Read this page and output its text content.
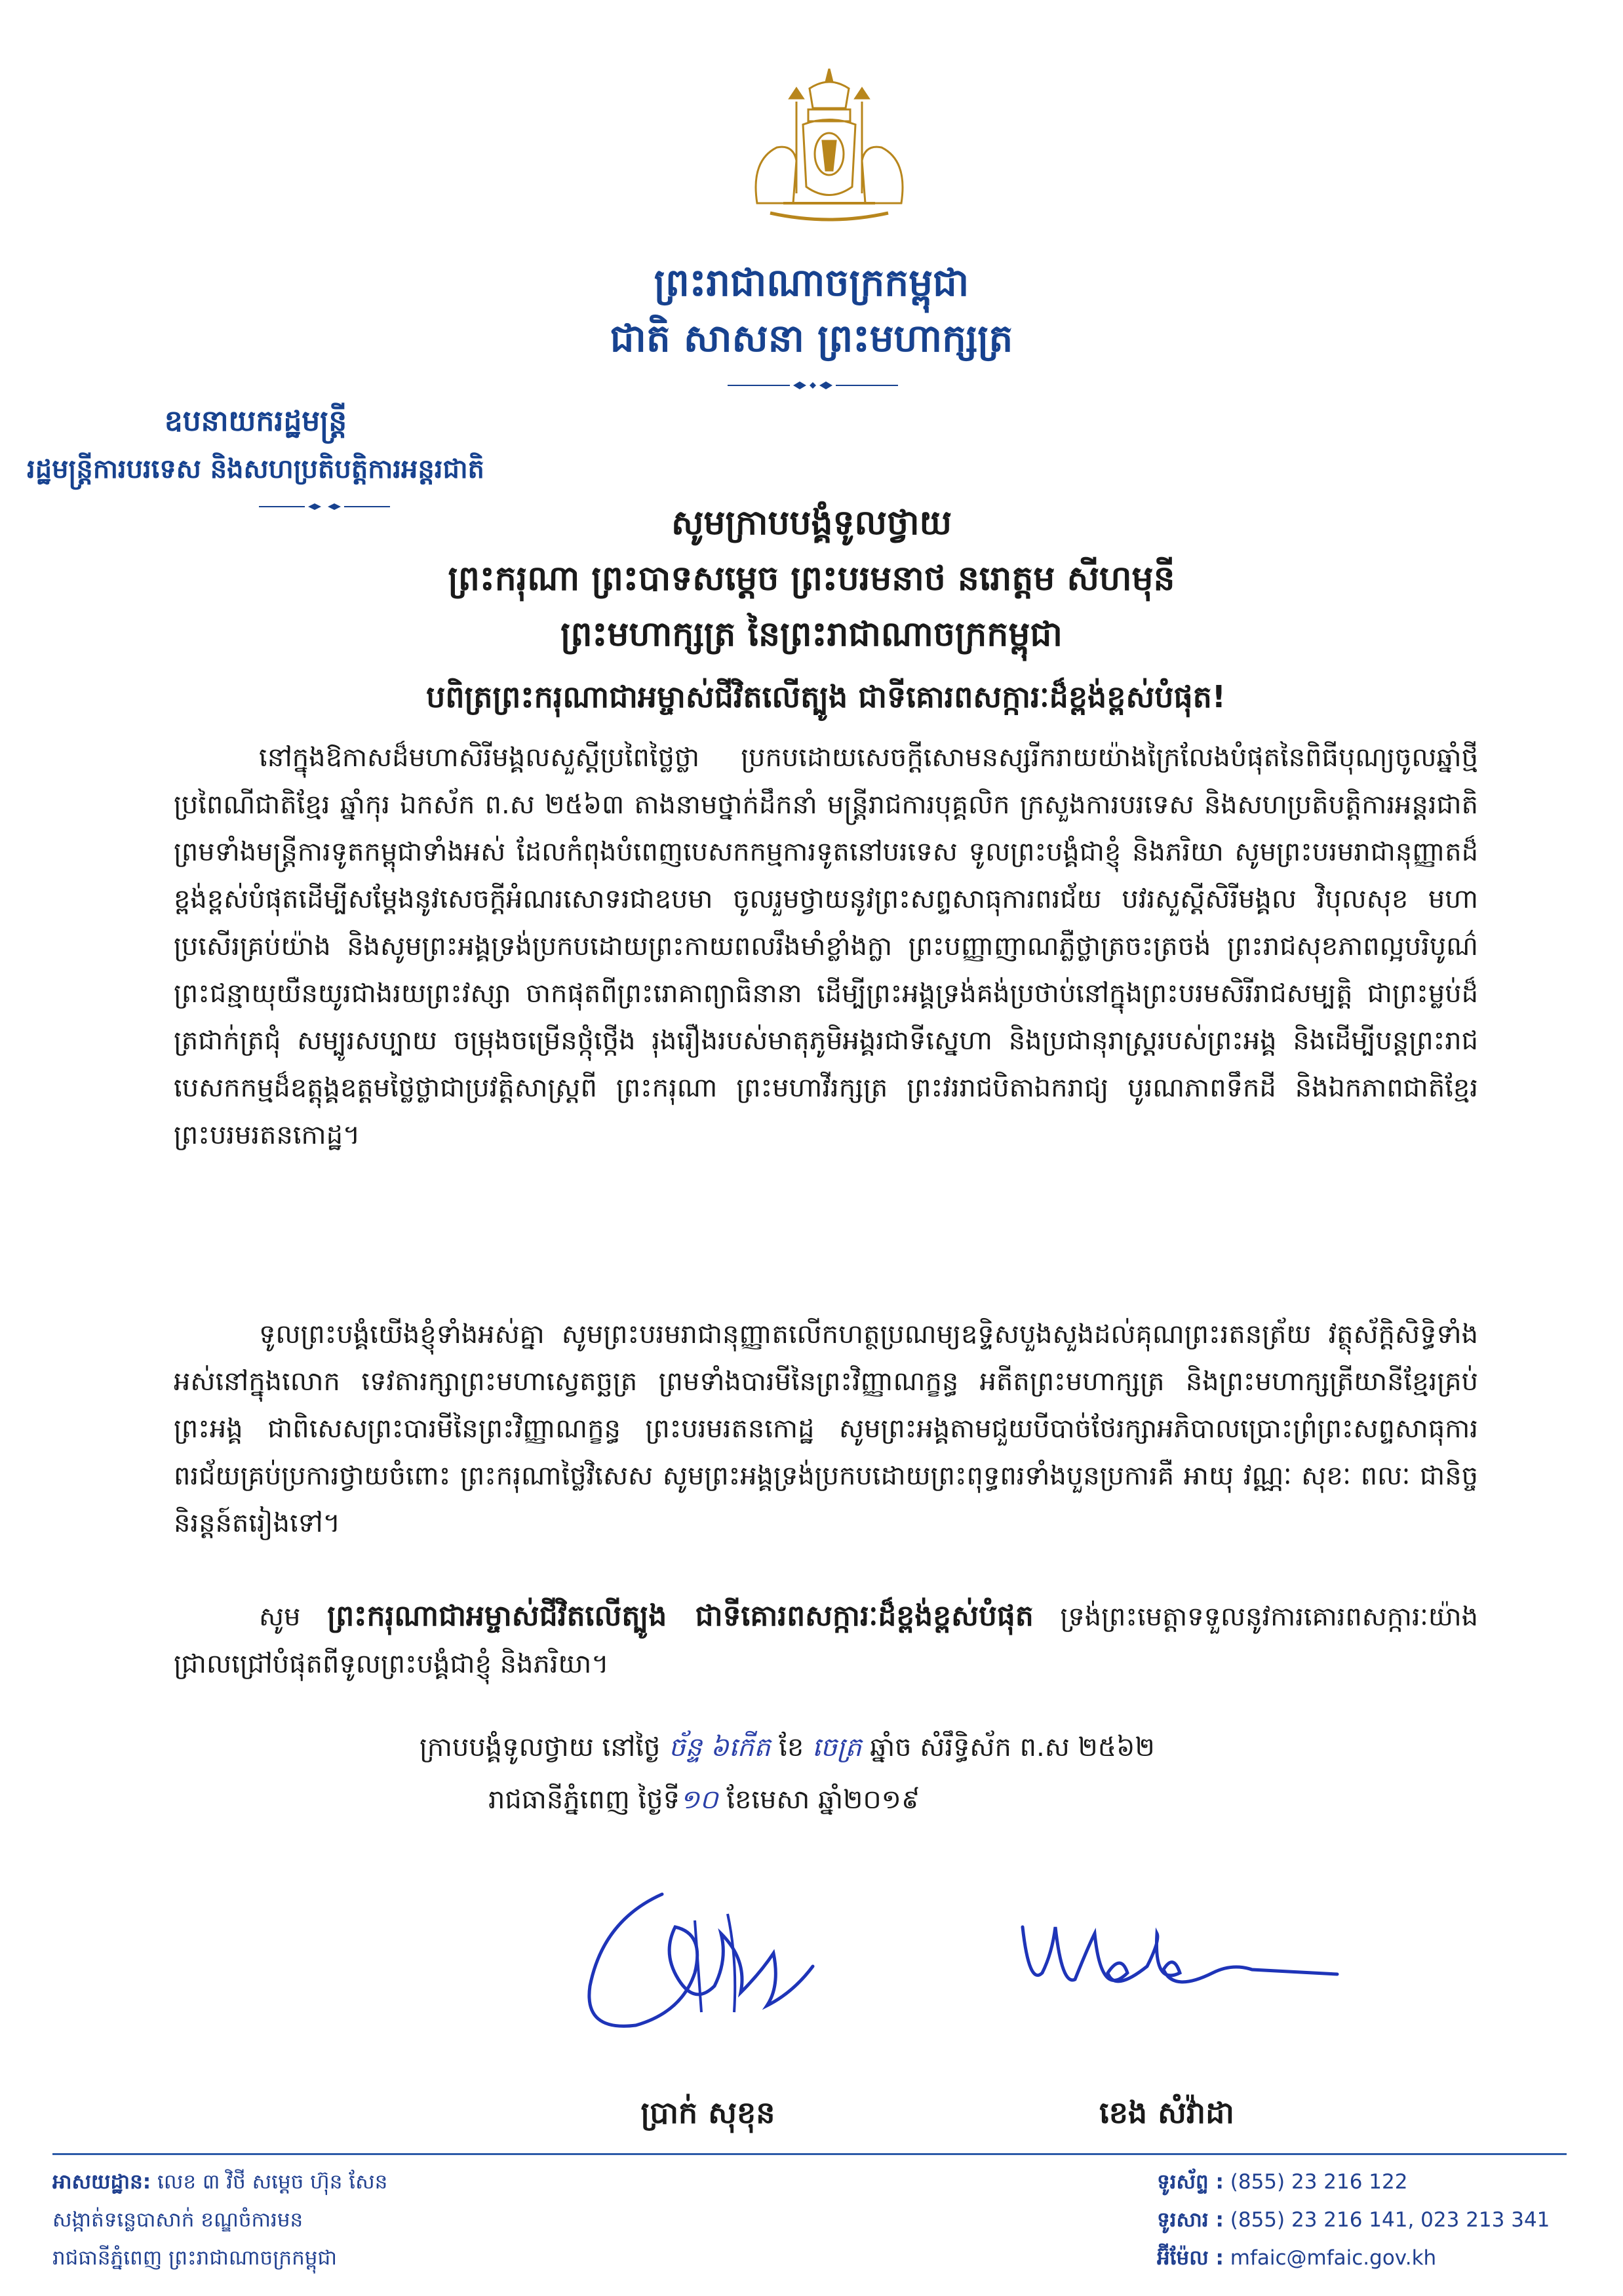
ព្រះរាជាណាចក្រកម្ពុជា
ជាតិ សាសនា ព្រះមហាក្សត្រ
ឧបនាយករដ្ឋមន្ត្រី
រដ្ឋមន្ត្រីការបរទេស និងសហប្រតិបត្តិការអន្តរជាតិ
សូមក្រាបបង្គំទូលថ្វាយ
ព្រះករុណា ព្រះបាទសម្តេច ព្រះបរមនាថ នរោត្តម សីហមុនី
ព្រះមហាក្សត្រ នៃព្រះរាជាណាចក្រកម្ពុជា
បពិត្រព្រះករុណាជាអម្ចាស់ជីវិតលើត្បូង ជាទីគោរពសក្ការៈដ៏ខ្ពង់ខ្ពស់បំផុត!
នៅក្នុងឱកាសដ៏មហាសិរីមង្គលសួស្តីប្រពៃថ្លៃថ្លា ប្រកបដោយសេចក្តីសោមនស្សរីករាយយ៉ាងក្រៃលែងបំផុតនៃពិធីបុណ្យចូលឆ្នាំថ្មីប្រពៃណីជាតិខ្មែរ ឆ្នាំកុរ ឯកស័ក ព.ស ២៥៦៣ តាងនាមថ្នាក់ដឹកនាំ មន្ត្រីរាជការបុគ្គលិក ក្រសួងការបរទេស និងសហប្រតិបត្តិការអន្តរជាតិ ព្រមទាំងមន្ត្រីការទូតកម្ពុជាទាំងអស់ ដែលកំពុងបំពេញបេសកកម្មការទូតនៅបរទេស ទូលព្រះបង្គំជាខ្ញុំ និងភរិយា សូមព្រះបរមរាជានុញ្ញាតដ៏ខ្ពង់ខ្ពស់បំផុតដើម្បីសម្តែងនូវសេចក្តីអំណរសោទរជាឧបមា ចូលរួមថ្វាយនូវព្រះសព្ទសាធុការពរជ័យ បវរសួស្តីសិរីមង្គល វិបុលសុខ មហាប្រសើរគ្រប់យ៉ាង និងសូមព្រះអង្គទ្រង់ប្រកបដោយព្រះកាយពលរឹងមាំខ្លាំងក្លា ព្រះបញ្ញាញាណភ្លឺថ្លាត្រចះត្រចង់ ព្រះរាជសុខភាពល្អបរិបូណ៌ ព្រះជន្មាយុយឺនយូរជាងរយព្រះវស្សា ចាកផុតពីព្រះរោគាព្យាធិនានា ដើម្បីព្រះអង្គទ្រង់គង់ប្រថាប់នៅក្នុងព្រះបរមសិរីរាជសម្បត្តិ ជាព្រះម្លប់ដ៏ត្រជាក់ត្រជុំ សម្បូរសប្បាយ ចម្រុងចម្រើនថ្កុំថ្កើង រុងរឿងរបស់មាតុភូមិអង្គរជាទីស្នេហា និងប្រជានុរាស្ត្ររបស់ព្រះអង្គ និងដើម្បីបន្តព្រះរាជបេសកកម្មដ៏ឧត្តុង្គឧត្តមថ្លៃថ្លាជាប្រវត្តិសាស្ត្រពី ព្រះករុណា ព្រះមហាវីរក្សត្រ ព្រះវររាជបិតាឯករាជ្យ បូរណភាពទឹកដី និងឯកភាពជាតិខ្មែរ ព្រះបរមរតនកោដ្ឋ។
ទូលព្រះបង្គំយើងខ្ញុំទាំងអស់គ្នា សូមព្រះបរមរាជានុញ្ញាតលើកហត្ថប្រណម្យឧទ្ទិសបួងសួងដល់គុណព្រះរតនត្រ័យ វត្ថុស័ក្តិសិទ្ធិទាំងអស់នៅក្នុងលោក ទេវតារក្សាព្រះមហាស្វេតច្ឆត្រ ព្រមទាំងបារមីនៃព្រះវិញ្ញាណក្ខន្ធ អតីតព្រះមហាក្សត្រ និងព្រះមហាក្សត្រីយានីខ្មែរគ្រប់ព្រះអង្គ ជាពិសេសព្រះបារមីនៃព្រះវិញ្ញាណក្ខន្ធ ព្រះបរមរតនកោដ្ឋ សូមព្រះអង្គតាមជួយបីបាច់ថែរក្សាអភិបាលប្រោះព្រំព្រះសព្ទសាធុការពរជ័យគ្រប់ប្រការថ្វាយចំពោះ ព្រះករុណាថ្លៃវិសេស សូមព្រះអង្គទ្រង់ប្រកបដោយព្រះពុទ្ធពរទាំងបួនប្រការគឺ អាយុ វណ្ណៈ សុខៈ ពលៈ ជានិច្ចនិរន្តន៍តរៀងទៅ។
សូម ព្រះករុណាជាអម្ចាស់ជីវិតលើត្បូង ជាទីគោរពសក្ការៈដ៏ខ្ពង់ខ្ពស់បំផុត ទ្រង់ព្រះមេត្តាទទួលនូវការគោរពសក្ការៈយ៉ាងជ្រាលជ្រៅបំផុតពីទូលព្រះបង្គំជាខ្ញុំ និងភរិយា។
ក្រាបបង្គំទូលថ្វាយ នៅថ្ងៃ ច័ន្ទ ៦កើត ខែ ចេត្រ ឆ្នាំច សំរឹទ្ធិស័ក ព.ស ២៥៦២
រាជធានីភ្នំពេញ ថ្ងៃទី១០ ខែមេសា ឆ្នាំ២០១៩
ប្រាក់ សុខុន	ខេង សំវ៉ាដា
អាសយដ្ឋាន: លេខ ៣ វិថី សម្តេច ហ៊ុន សែន
សង្កាត់ទន្លេបាសាក់ ខណ្ឌចំការមន
រាជធានីភ្នំពេញ ព្រះរាជាណាចក្រកម្ពុជា
ទូរស័ព្ទ : (855) 23 216 122
ទូរសារ : (855) 23 216 141, 023 213 341
អ៊ីម៉ែល : mfaic@mfaic.gov.kh
